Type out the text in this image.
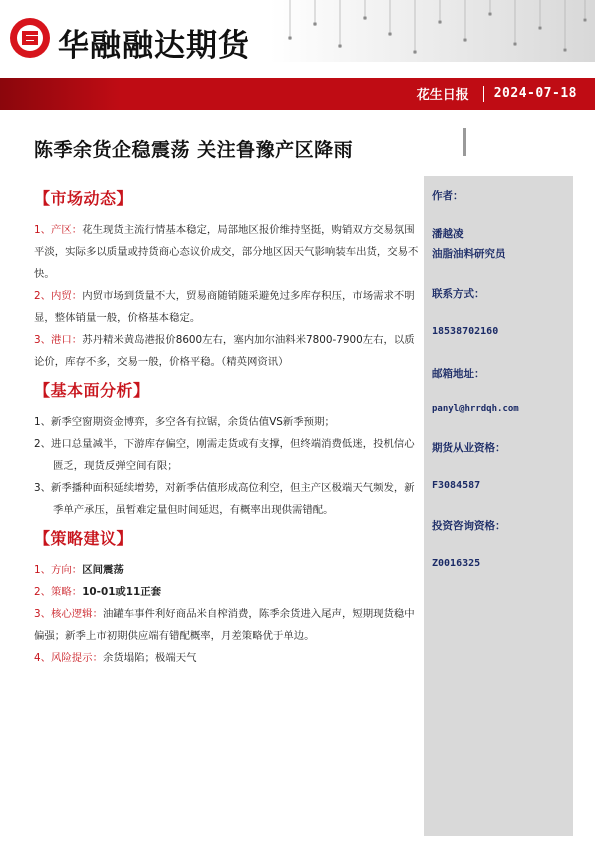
华融融达期货
花生日报 2024-07-18
陈季余货企稳震荡 关注鲁豫产区降雨
【市场动态】
1、产区：花生现货主流行情基本稳定，局部地区报价维持坚挺，购销双方交易氛围平淡，实际多以质量或持货商心态议价成交，部分地区因天气影响装车出货，交易不快。
2、内贸：内贸市场到货量不大，贸易商随销随采避免过多库存积压，市场需求不明显，整体销量一般，价格基本稳定。
3、港口：苏丹精米黄岛港报价8600左右，塞内加尔油料米7800-7900左右，以质论价，库存不多，交易一般，价格平稳。（精英网资讯）
【基本面分析】
1、新季空窗期资金博弈，多空各有拉锯，余货估值VS新季预期；
2、进口总量减半，下游库存偏空，刚需走货或有支撑，但终端消费低迷，投机信心匮乏，现货反弹空间有限；
3、新季播种面积延续增势，对新季估值形成高位利空，但主产区极端天气频发，新季单产承压，虽暂难定量但时间延迟，有概率出现供需错配。
【策略建议】
1、方向：区间震荡
2、策略：10-01或11正套
3、核心逻辑：油罐车事件利好商品米自榨消费，陈季余货进入尾声，短期现货稳中偏强；新季上市初期供应端有错配概率，月差策略优于单边。
4、风险提示：余货塌陷；极端天气
作者：
潘越凌
油脂油料研究员
联系方式：
18538702160
邮箱地址：
panyl@hrrdqh.com
期货从业资格：
F3084587
投资咨询资格：
Z0016325
